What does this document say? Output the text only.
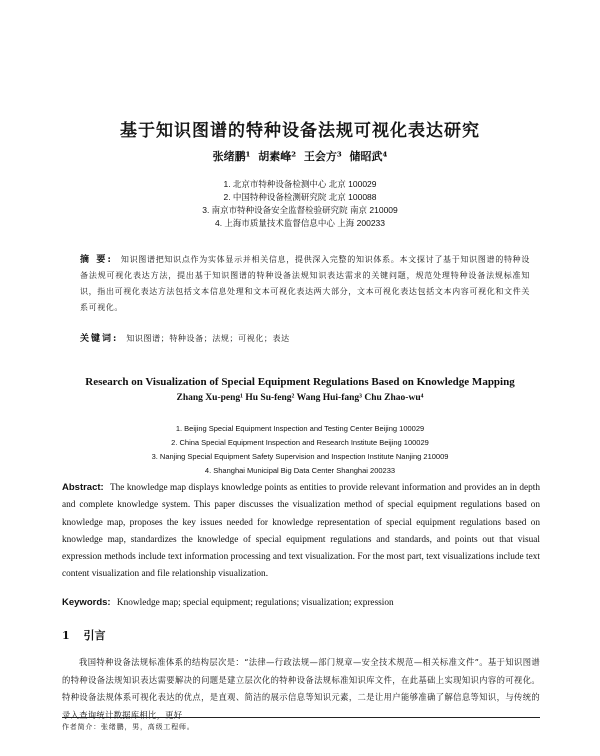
基于知识图谱的特种设备法规可视化表达研究
张绪鹏¹ 胡素峰² 王会方³ 储昭武⁴
1. 北京市特种设备检测中心 北京 100029
2. 中国特种设备检测研究院 北京 100088
3. 南京市特种设备安全监督检验研究院 南京 210009
4. 上海市质量技术监督信息中心 上海 200233
摘 要: 知识图谱把知识点作为实体显示并相关信息，提供深入完整的知识体系。本文探讨了基于知识图谱的特种设备法规可视化表达方法，提出基于知识图谱的特种设备法规知识表达需求的关键问题，规范处理特种设备法规标准知识，指出可视化表达方法包括文本信息处理和文本可视化表达两大部分，文本可视化表达包括文本内容可视化和文件关系可视化。
关键词: 知识图谱；特种设备；法规；可视化；表达
Research on Visualization of Special Equipment Regulations Based on Knowledge Mapping
Zhang Xu-peng¹ Hu Su-feng² Wang Hui-fang³ Chu Zhao-wu⁴
1. Beijing Special Equipment Inspection and Testing Center Beijing 100029
2. China Special Equipment Inspection and Research Institute Beijing 100029
3. Nanjing Special Equipment Safety Supervision and Inspection Institute Nanjing 210009
4. Shanghai Municipal Big Data Center Shanghai 200233
Abstract: The knowledge map displays knowledge points as entities to provide relevant information and provides an in depth and complete knowledge system. This paper discusses the visualization method of special equipment regulations based on knowledge map, proposes the key issues needed for knowledge representation of special equipment regulations based on knowledge map, standardizes the knowledge of special equipment regulations and standards, and points out that visual expression methods include text information processing and text visualization. For the most part, text visualizations include text content visualization and file relationship visualization.
Keywords: Knowledge map; special equipment; regulations; visualization; expression
1 引言
我国特种设备法规标准体系的结构层次是：“法律—行政法规—部门规章—安全技术规范—相关标准文件”。基于知识图谱的特种设备法规知识表达需要解决的问题是建立层次化的特种设备法规标准知识库文件，在此基础上实现知识内容的可视化。特种设备法规体系可视化表达的优点，是直观、简洁的展示信息等知识元素，二是让用户能够准确了解信息等知识，与传统的录入查询统计数据库相比，更好
作者简介：张绪鹏，男，高级工程师。
